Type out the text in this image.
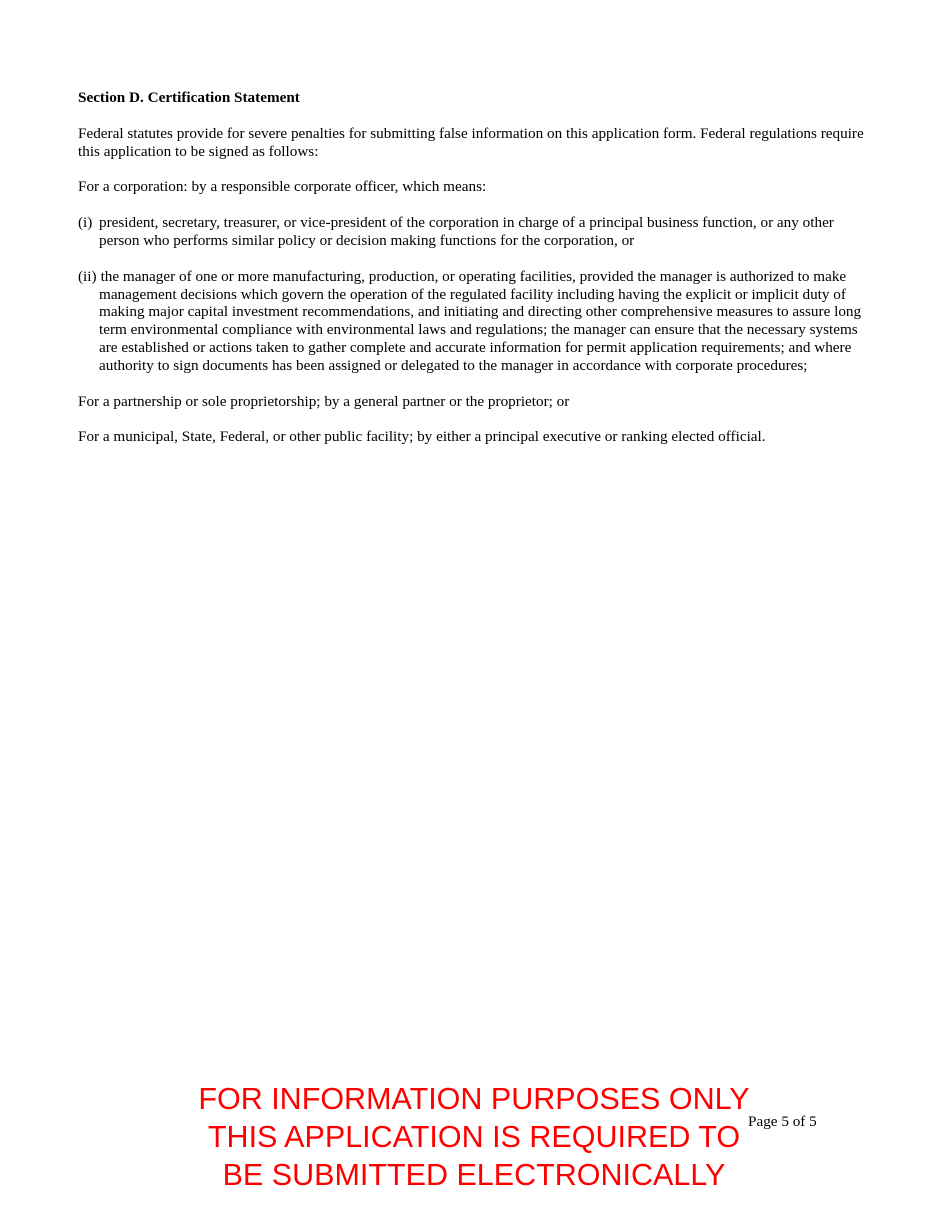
Section D. Certification Statement
Federal statutes provide for severe penalties for submitting false information on this application form. Federal regulations require this application to be signed as follows:
For a corporation: by a responsible corporate officer, which means:
(i) president, secretary, treasurer, or vice-president of the corporation in charge of a principal business function, or any other person who performs similar policy or decision making functions for the corporation, or
(ii) the manager of one or more manufacturing, production, or operating facilities, provided the manager is authorized to make management decisions which govern the operation of the regulated facility including having the explicit or implicit duty of making major capital investment recommendations, and initiating and directing other comprehensive measures to assure long term environmental compliance with environmental laws and regulations; the manager can ensure that the necessary systems are established or actions taken to gather complete and accurate information for permit application requirements; and where authority to sign documents has been assigned or delegated to the manager in accordance with corporate procedures;
For a partnership or sole proprietorship; by a general partner or the proprietor; or
For a municipal, State, Federal, or other public facility; by either a principal executive or ranking elected official.
Page 5 of 5
FOR INFORMATION PURPOSES ONLY
THIS APPLICATION IS REQUIRED TO
BE SUBMITTED ELECTRONICALLY
